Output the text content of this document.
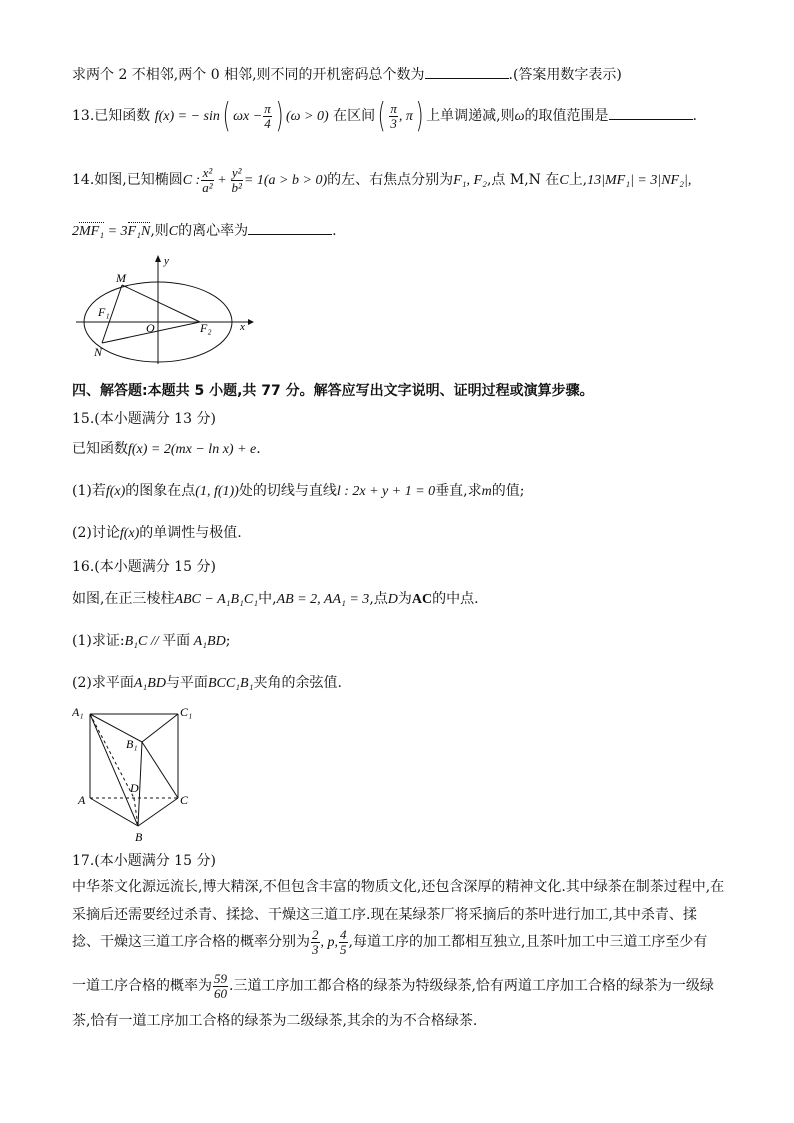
求两个 2 不相邻,两个 0 相邻,则不同的开机密码总个数为	.(答案用数字表示)
13.已知函数 f(x) = − sin( $\omega x - \frac{\pi}{4}$ ) (ω > 0) 在区间( $\frac{\pi}{3}$ , π) 上单调递减,则ω的取值范围是	.
14.如图,已知椭圆C : $\frac{\text{x²}}{\text{a²}} + \frac{\text{y²}}{\text{b²}} = 1(a > b > 0)$的左、右焦点分别为F₁, F₂,点 M,N 在C上,13|MF₁| = 3|NF₂|,
2MF₁ = 3F₁N,则C的离心率为	.
y
x
M
F₁
O	F₂
N
四、解答题:本题共 5 小题,共 77 分。解答应写出文字说明、证明过程或演算步骤。
15.(本小题满分 13 分)
已知函数f(x) = 2(mx − ln x) + e.
(1)若f(x)的图象在点(1, f(1))处的切线与直线l : 2x + y + 1 = 0垂直,求m的值;
(2)讨论f(x)的单调性与极值.
16.(本小题满分 15 分)
如图,在正三棱柱ABC − A₁B₁C₁中,AB = 2, AA₁ = 3,点D为AC的中点.
(1)求证:B₁C // 平面 A₁BD;
(2)求平面A₁BD与平面BCC₁B₁夹角的余弦值.
A₁	C₁
B₁
D
A	C
B
17.(本小题满分 15 分)
中华茶文化源远流长,博大精深,不但包含丰富的物质文化,还包含深厚的精神文化.其中绿茶在制茶过程中,在
采摘后还需要经过杀青、揉捻、干燥这三道工序.现在某绿茶厂将采摘后的茶叶进行加工,其中杀青、揉
捻、干燥这三道工序合格的概率分别为 $\frac{2}{3}$ , p, $\frac{4}{5}$ ,每道工序的加工都相互独立,且茶叶加工中三道工序至少有
一道工序合格的概率为 $\frac{59}{60}$ .三道工序加工都合格的绿茶为特级绿茶,恰有两道工序加工合格的绿茶为一级绿
茶,恰有一道工序加工合格的绿茶为二级绿茶,其余的为不合格绿茶.
